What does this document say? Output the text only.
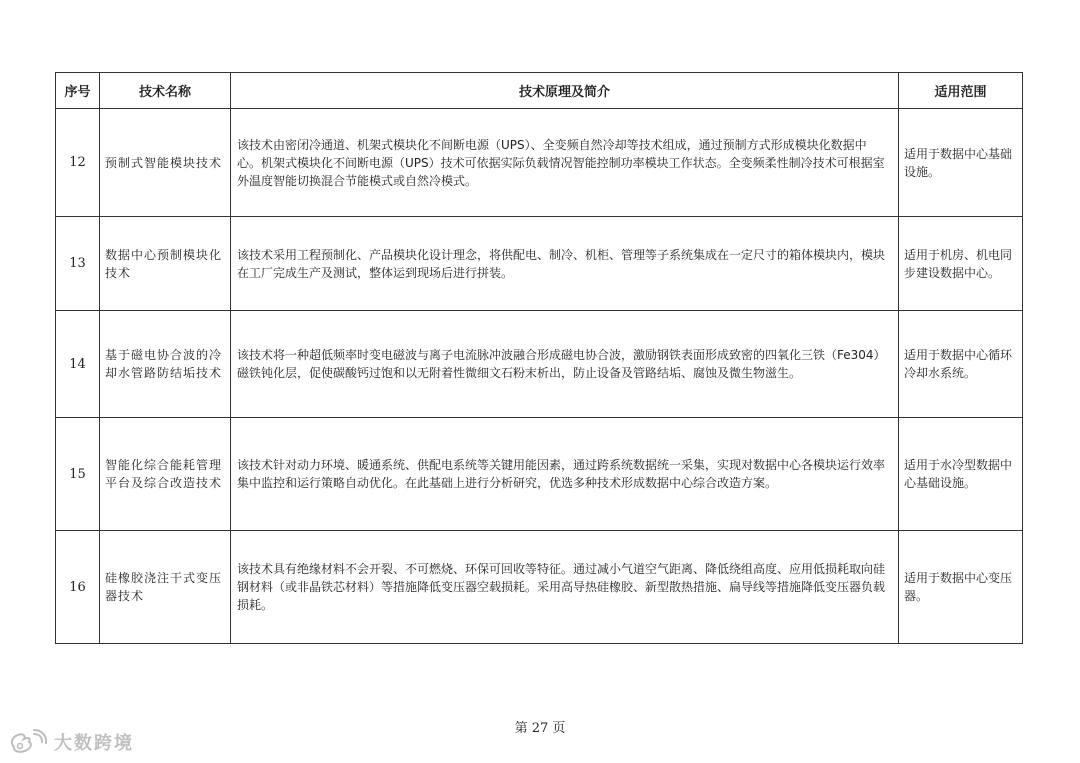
序号	技术名称	技术原理及简介	适用范围
12	预制式智能模块技术	该技术由密闭冷通道、机架式模块化不间断电源（UPS）、全变频自然冷却等技术组成，通过预制方式形成模块化数据中心。机架式模块化不间断电源（UPS）技术可依据实际负载情况智能控制功率模块工作状态。全变频柔性制冷技术可根据室外温度智能切换混合节能模式或自然冷模式。	适用于数据中心基础设施。
13	数据中心预制模块化技术	该技术采用工程预制化、产品模块化设计理念，将供配电、制冷、机柜、管理等子系统集成在一定尺寸的箱体模块内，模块在工厂完成生产及测试，整体运到现场后进行拼装。	适用于机房、机电同步建设数据中心。
14	基于磁电协合波的冷却水管路防结垢技术	该技术将一种超低频率时变电磁波与离子电流脉冲波融合形成磁电协合波，激励钢铁表面形成致密的四氧化三铁（Fe304）磁铁钝化层，促使碳酸钙过饱和以无附着性微细文石粉末析出，防止设备及管路结垢、腐蚀及微生物滋生。	适用于数据中心循环冷却水系统。
15	智能化综合能耗管理平台及综合改造技术	该技术针对动力环境、暖通系统、供配电系统等关键用能因素，通过跨系统数据统一采集，实现对数据中心各模块运行效率集中监控和运行策略自动优化。在此基础上进行分析研究，优选多种技术形成数据中心综合改造方案。	适用于水冷型数据中心基础设施。
16	硅橡胶浇注干式变压器技术	该技术具有绝缘材料不会开裂、不可燃烧、环保可回收等特征。通过减小气道空气距离、降低绕组高度、应用低损耗取向硅钢材料（或非晶铁芯材料）等措施降低变压器空载损耗。采用高导热硅橡胶、新型散热措施、扁导线等措施降低变压器负载损耗。	适用于数据中心变压器。
第 27 页
大数跨境
